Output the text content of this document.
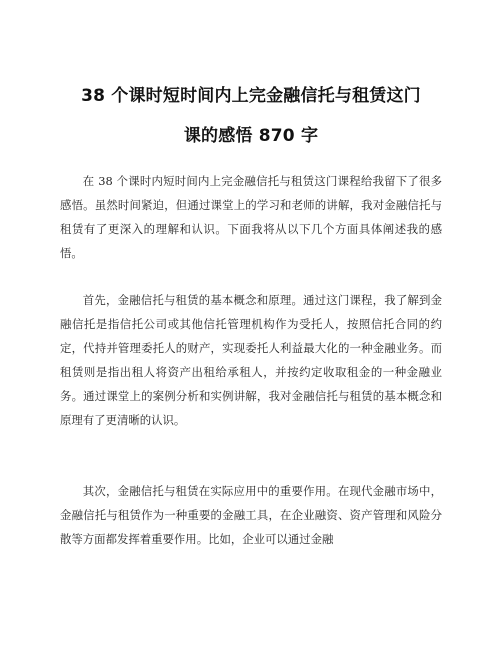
38 个课时短时间内上完金融信托与租赁这门
课的感悟 870 字

在 38 个课时内短时间内上完金融信托与租赁这门课程给我留下了很多感悟。虽然时间紧迫，但通过课堂上的学习和老师的讲解，我对金融信托与租赁有了更深入的理解和认识。下面我将从以下几个方面具体阐述我的感悟。

首先，金融信托与租赁的基本概念和原理。通过这门课程，我了解到金融信托是指信托公司或其他信托管理机构作为受托人，按照信托合同的约定，代持并管理委托人的财产，实现委托人利益最大化的一种金融业务。而租赁则是指出租人将资产出租给承租人，并按约定收取租金的一种金融业务。通过课堂上的案例分析和实例讲解，我对金融信托与租赁的基本概念和原理有了更清晰的认识。

其次，金融信托与租赁在实际应用中的重要作用。在现代金融市场中，金融信托与租赁作为一种重要的金融工具，在企业融资、资产管理和风险分散等方面都发挥着重要作用。比如，企业可以通过金融
